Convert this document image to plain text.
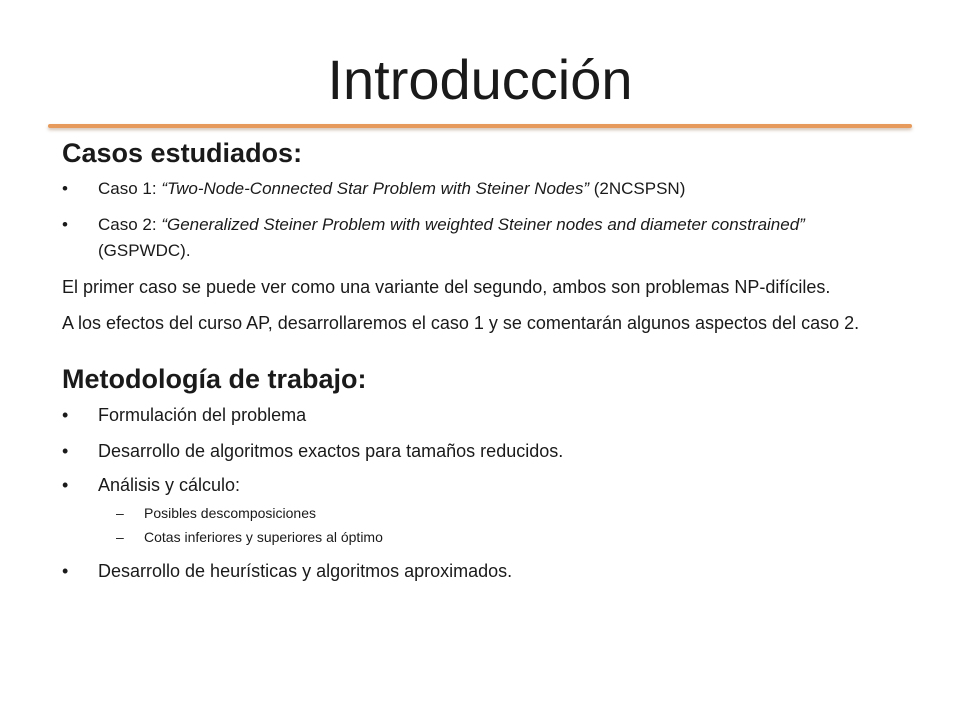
Introducción
Casos estudiados:
•	Caso 1: “Two-Node-Connected Star Problem with Steiner Nodes” (2NCSPSN)
•	Caso 2: “Generalized Steiner Problem with weighted Steiner nodes and diameter constrained” (GSPWDC).

El primer caso se puede ver como una variante del segundo, ambos son problemas NP-difíciles.

A los efectos del curso AP, desarrollaremos el caso 1 y se comentarán algunos aspectos del caso 2.

Metodología de trabajo:
•	Formulación del problema
•	Desarrollo de algoritmos exactos para tamaños reducidos.
•	Análisis y cálculo:
– Posibles descomposiciones
– Cotas inferiores y superiores al óptimo
•	Desarrollo de heurísticas y algoritmos aproximados.
